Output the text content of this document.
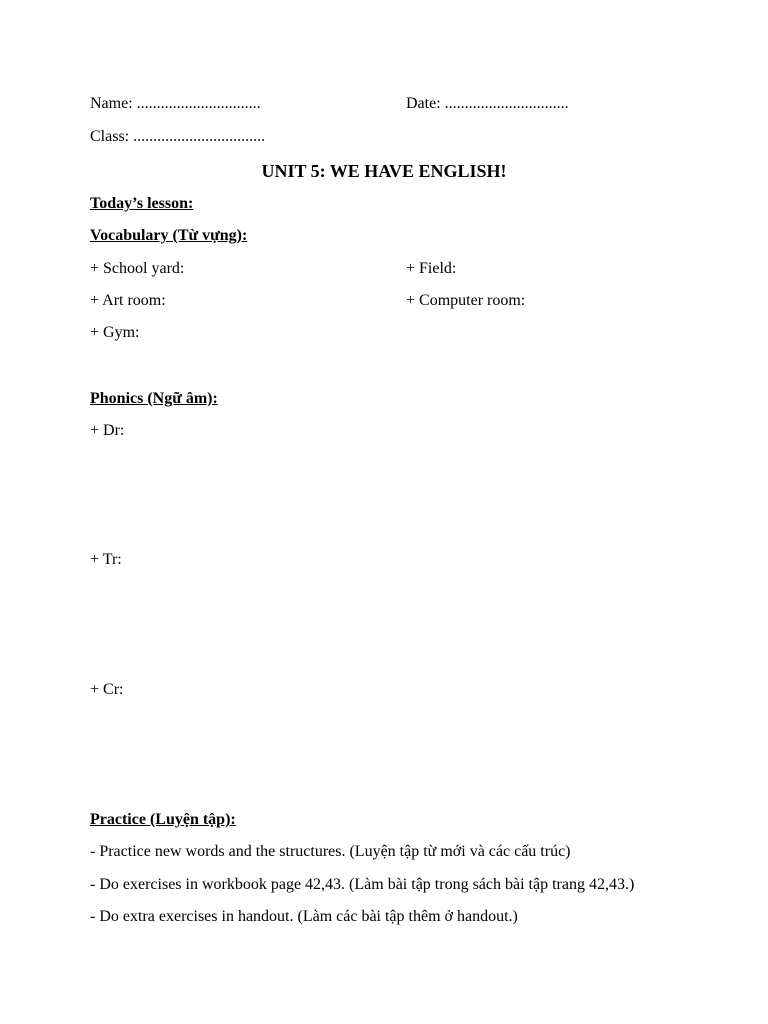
Name: ...............................	Date: ...............................
Class: .................................
UNIT 5: WE HAVE ENGLISH!
Today’s lesson:
Vocabulary (Từ vựng):
+ School yard:	+ Field:
+ Art room:	+ Computer room:
+ Gym:
Phonics (Ngữ âm):
+ Dr:
+ Tr:
+ Cr:
Practice (Luyện tập):
- Practice new words and the structures. (Luyện tập từ mới và các cấu trúc)
- Do exercises in workbook page 42,43. (Làm bài tập trong sách bài tập trang 42,43.)
- Do extra exercises in handout. (Làm các bài tập thêm ở handout.)
